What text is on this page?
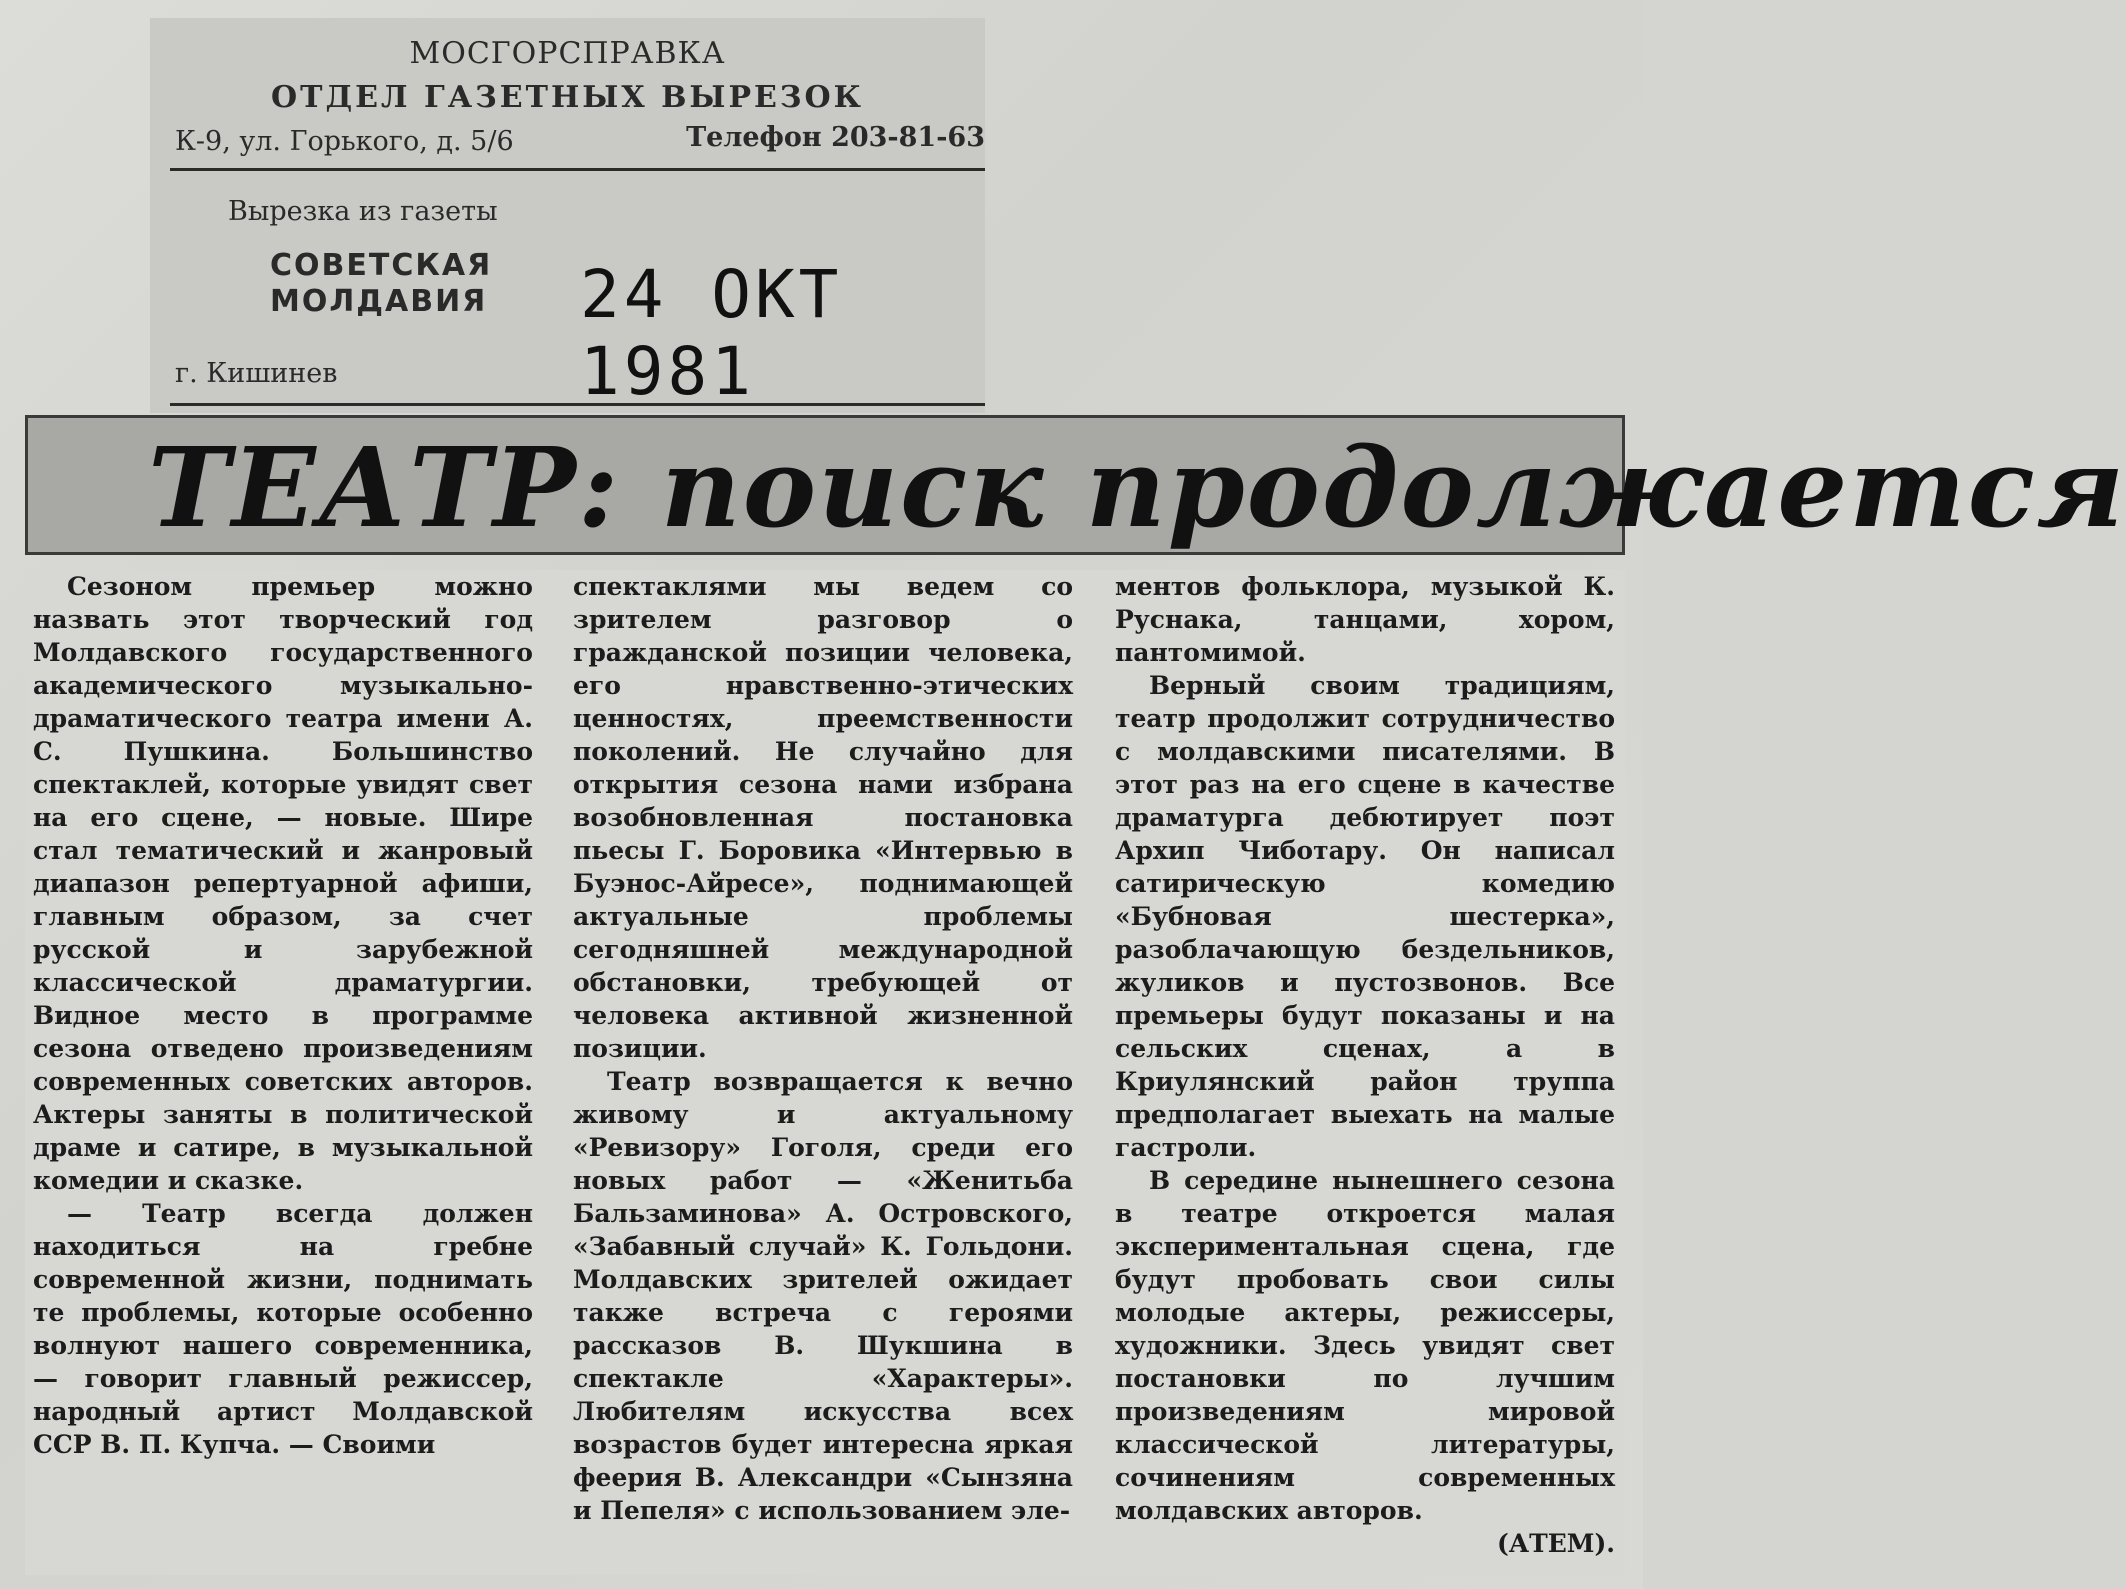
МОСГОРСПРАВКА
ОТДЕЛ ГАЗЕТНЫХ ВЫРЕЗОК
К-9, ул. Горького, д. 5/6	Телефон 203-81-63
Вырезка из газеты
СОВЕТСКАЯ
МОЛДАВИЯ 24 ОКТ 1981
г. Кишинев
ТЕАТР: поиск продолжается

Сезоном премьер можно назвать этот творческий год Молдавского государственного академического музыкально-драматического театра имени А. С. Пушкина. Большинство спектаклей, которые увидят свет на его сцене, — новые. Шире стал тематический и жанровый диапазон репертуарной афиши, главным образом, за счет русской и зарубежной классической драматургии. Видное место в программе сезона отведено произведениям современных советских авторов. Актеры заняты в политической драме и сатире, в музыкальной комедии и сказке.

— Театр всегда должен находиться на гребне современной жизни, поднимать те проблемы, которые особенно волнуют нашего современника, — говорит главный режиссер, народный артист Молдавской ССР В. П. Купча. — Своими

спектаклями мы ведем со зрителем разговор о гражданской позиции человека, его нравственно-этических ценностях, преемственности поколений. Не случайно для открытия сезона нами избрана возобновленная постановка пьесы Г. Боровика «Интервью в Буэнос-Айресе», поднимающей актуальные проблемы сегодняшней международной обстановки, требующей от человека активной жизненной позиции.

Театр возвращается к вечно живому и актуальному «Ревизору» Гоголя, среди его новых работ — «Женитьба Бальзаминова» А. Островского, «Забавный случай» К. Гольдони. Молдавских зрителей ожидает также встреча с героями рассказов В. Шукшина в спектакле «Характеры». Любителям искусства всех возрастов будет интересна яркая феерия В. Александри «Сынзяна и Пепеля» с использованием эле-

ментов фольклора, музыкой К. Руснака, танцами, хором, пантомимой.

Верный своим традициям, театр продолжит сотрудничество с молдавскими писателями. В этот раз на его сцене в качестве драматурга дебютирует поэт Архип Чиботару. Он написал сатирическую комедию «Бубновая шестерка», разоблачающую бездельников, жуликов и пустозвонов. Все премьеры будут показаны и на сельских сценах, а в Криулянский район труппа предполагает выехать на малые гастроли.

В середине нынешнего сезона в театре откроется малая экспериментальная сцена, где будут пробовать свои силы молодые актеры, режиссеры, художники. Здесь увидят свет постановки по лучшим произведениям мировой классической литературы, сочинениям современных молдавских авторов.

(АТЕМ).
